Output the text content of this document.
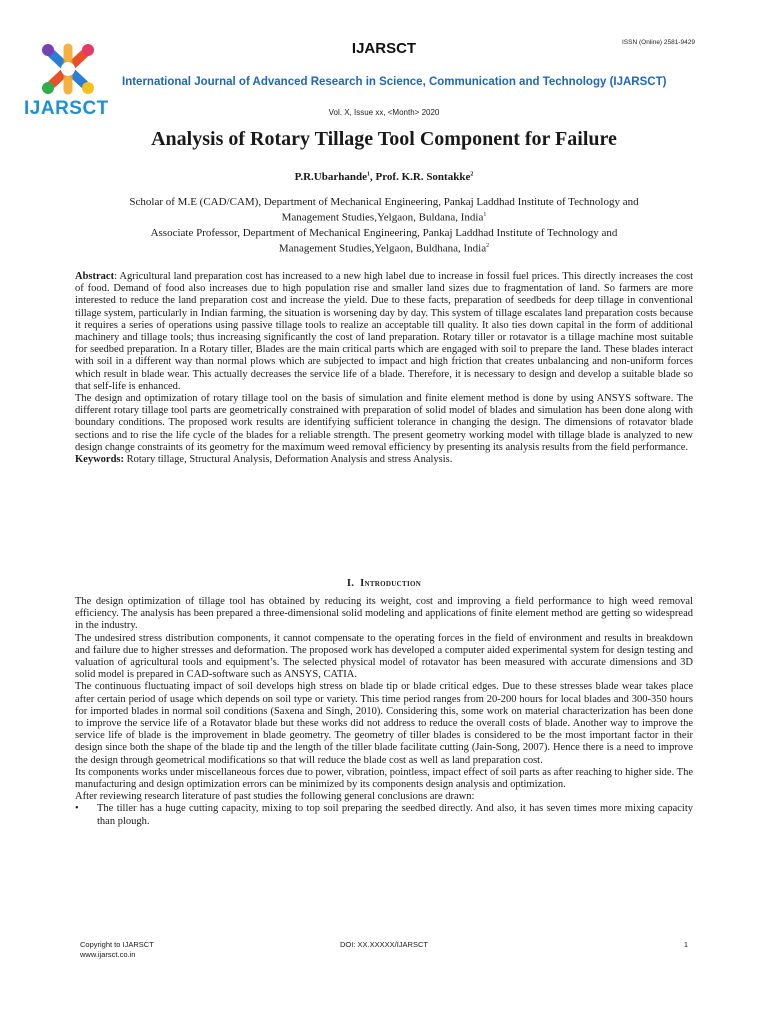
IJARSCT
IJARSCT	ISSN (Online) 2581-9429
International Journal of Advanced Research in Science, Communication and Technology (IJARSCT)
Vol. X, Issue xx, <Month> 2020
Analysis of Rotary Tillage Tool Component for Failure
P.R.Ubarhande$^1$, Prof. K.R. Sontakke$^2$
Scholar of M.E (CAD/CAM), Department of Mechanical Engineering, Pankaj Laddhad Institute of Technology and
Management Studies,Yelgaon, Buldana, India$^1$
Associate Professor, Department of Mechanical Engineering, Pankaj Laddhad Institute of Technology and
Management Studies,Yelgaon, Buldhana, India$^2$

Abstract: Agricultural land preparation cost has increased to a new high label due to increase in fossil fuel prices. This directly increases the cost of food. Demand of food also increases due to high population rise and smaller land sizes due to fragmentation of land. So farmers are more interested to reduce the land preparation cost and increase the yield. Due to these facts, preparation of seedbeds for deep tillage in conventional tillage system, particularly in Indian farming, the situation is worsening day by day. This system of tillage escalates land preparation costs because it requires a series of operations using passive tillage tools to realize an acceptable till quality. It also ties down capital in the form of additional machinery and tillage tools; thus increasing significantly the cost of land preparation. Rotary tiller or rotavator is a tillage machine most suitable for seedbed preparation. In a Rotary tiller, Blades are the main critical parts which are engaged with soil to prepare the land. These blades interact with soil in a different way than normal plows which are subjected to impact and high friction that creates unbalancing and non-uniform forces which result in blade wear. This actually decreases the service life of a blade. Therefore, it is necessary to design and develop a suitable blade so that self-life is enhanced.

The design and optimization of rotary tillage tool on the basis of simulation and finite element method is done by using ANSYS software. The different rotary tillage tool parts are geometrically constrained with preparation of solid model of blades and simulation has been done along with boundary conditions. The proposed work results are identifying sufficient tolerance in changing the design. The dimensions of rotavator blade sections and to rise the life cycle of the blades for a reliable strength. The present geometry working model with tillage blade is analyzed to new design change constraints of its geometry for the maximum weed removal efficiency by presenting its analysis results from the field performance.

Keywords: Rotary tillage, Structural Analysis, Deformation Analysis and stress Analysis.

I. Introduction

The design optimization of tillage tool has obtained by reducing its weight, cost and improving a field performance to high weed removal efficiency. The analysis has been prepared a three-dimensional solid modeling and applications of finite element method are getting so widespread in the industry.

The undesired stress distribution components, it cannot compensate to the operating forces in the field of environment and results in breakdown and failure due to higher stresses and deformation. The proposed work has developed a computer aided experimental system for design testing and valuation of agricultural tools and equipment’s. The selected physical model of rotavator has been measured with accurate dimensions and 3D solid model is prepared in CAD-software such as ANSYS, CATIA.

The continuous fluctuating impact of soil develops high stress on blade tip or blade critical edges. Due to these stresses blade wear takes place after certain period of usage which depends on soil type or variety. This time period ranges from 20-200 hours for local blades and 300-350 hours for imported blades in normal soil conditions (Saxena and Singh, 2010). Considering this, some work on material characterization has been done to improve the service life of a Rotavator blade but these works did not address to reduce the overall costs of blade. Another way to improve the service life of blade is the improvement in blade geometry. The geometry of tiller blades is considered to be the most important factor in their design since both the shape of the blade tip and the length of the tiller blade facilitate cutting (Jain-Song, 2007). Hence there is a need to improve the design through geometrical modifications so that will reduce the blade cost as well as land preparation cost.

Its components works under miscellaneous forces due to power, vibration, pointless, impact effect of soil parts as after reaching to higher side. The manufacturing and design optimization errors can be minimized by its components design analysis and optimization.

After reviewing research literature of past studies the following general conclusions are drawn:

• The tiller has a huge cutting capacity, mixing to top soil preparing the seedbed directly. And also, it has seven times more mixing capacity than plough.

Copyright to IJARSCT
www.ijarsct.co.in
DOI: XX.XXXXX/IJARSCT	1
